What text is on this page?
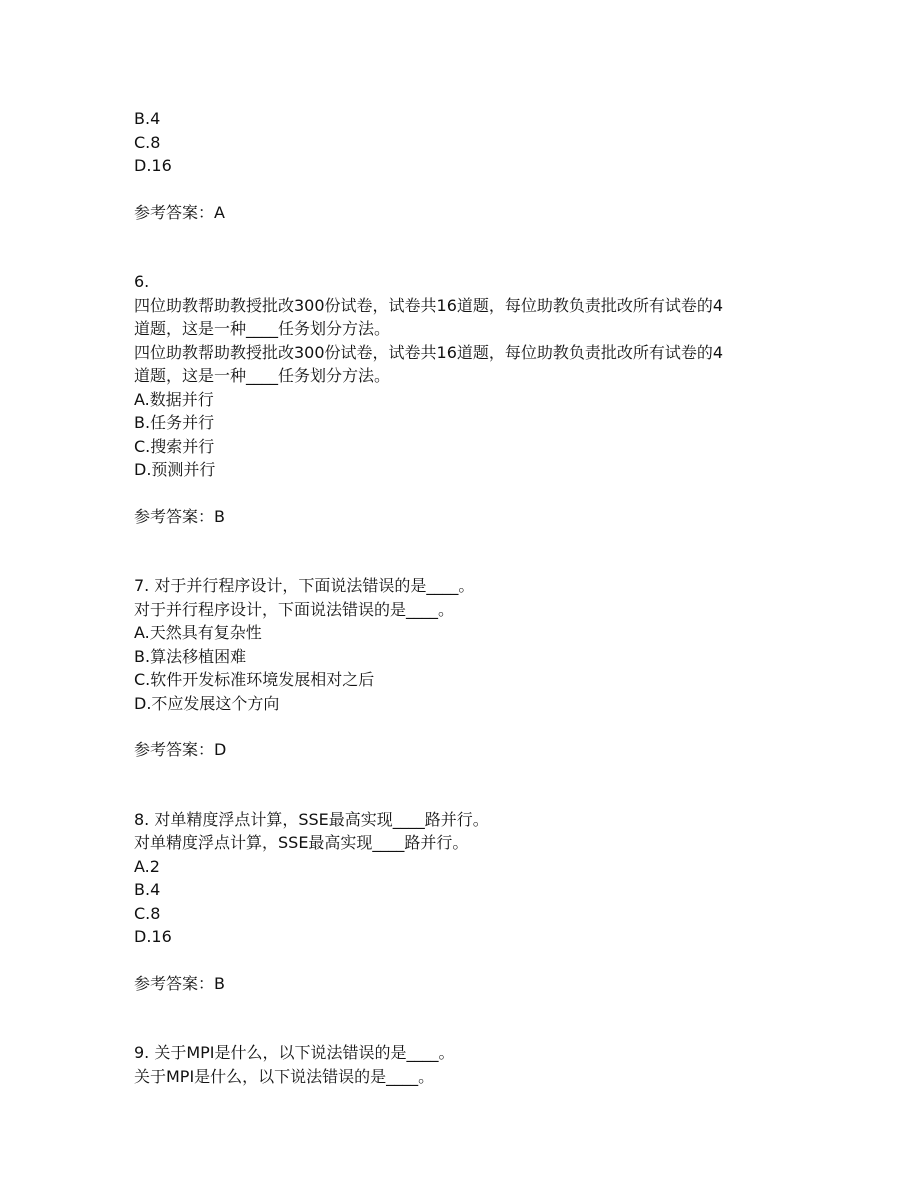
B.4
C.8
D.16
参考答案：A
6.
四位助教帮助教授批改300份试卷，试卷共16道题，每位助教负责批改所有试卷的4
道题，这是一种____任务划分方法。
四位助教帮助教授批改300份试卷，试卷共16道题，每位助教负责批改所有试卷的4
道题，这是一种____任务划分方法。
A.数据并行
B.任务并行
C.搜索并行
D.预测并行
参考答案：B
7. 对于并行程序设计，下面说法错误的是____。
对于并行程序设计，下面说法错误的是____。
A.天然具有复杂性
B.算法移植困难
C.软件开发标准环境发展相对之后
D.不应发展这个方向
参考答案：D
8. 对单精度浮点计算，SSE最高实现____路并行。
对单精度浮点计算，SSE最高实现____路并行。
A.2
B.4
C.8
D.16
参考答案：B
9. 关于MPI是什么，以下说法错误的是____。
关于MPI是什么，以下说法错误的是____。
